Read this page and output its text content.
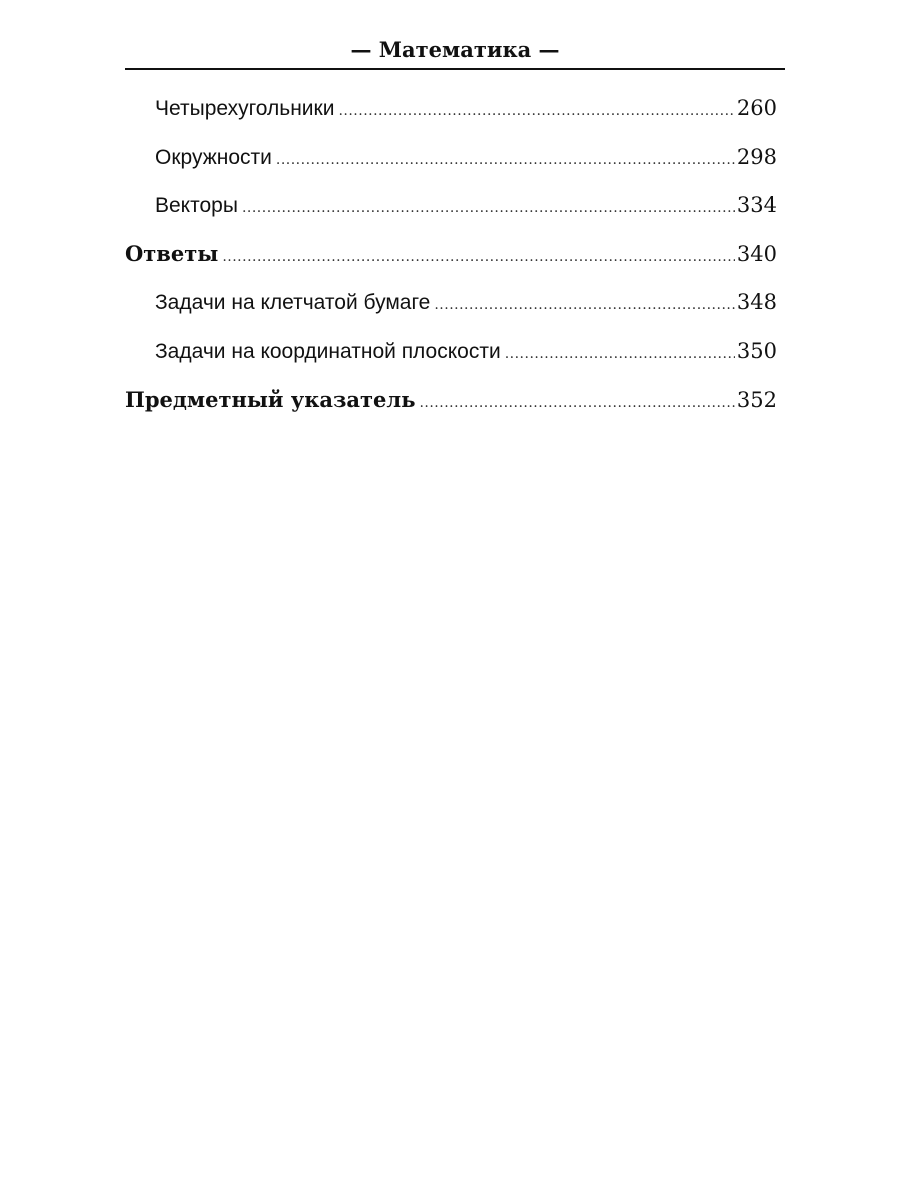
— Математика —
Четырехугольники .....	260
Окружности .....	298
Векторы .....	334
Ответы .....	340
Задачи на клетчатой бумаге .....	348
Задачи на координатной плоскости .....	350
Предметный указатель .....	352
